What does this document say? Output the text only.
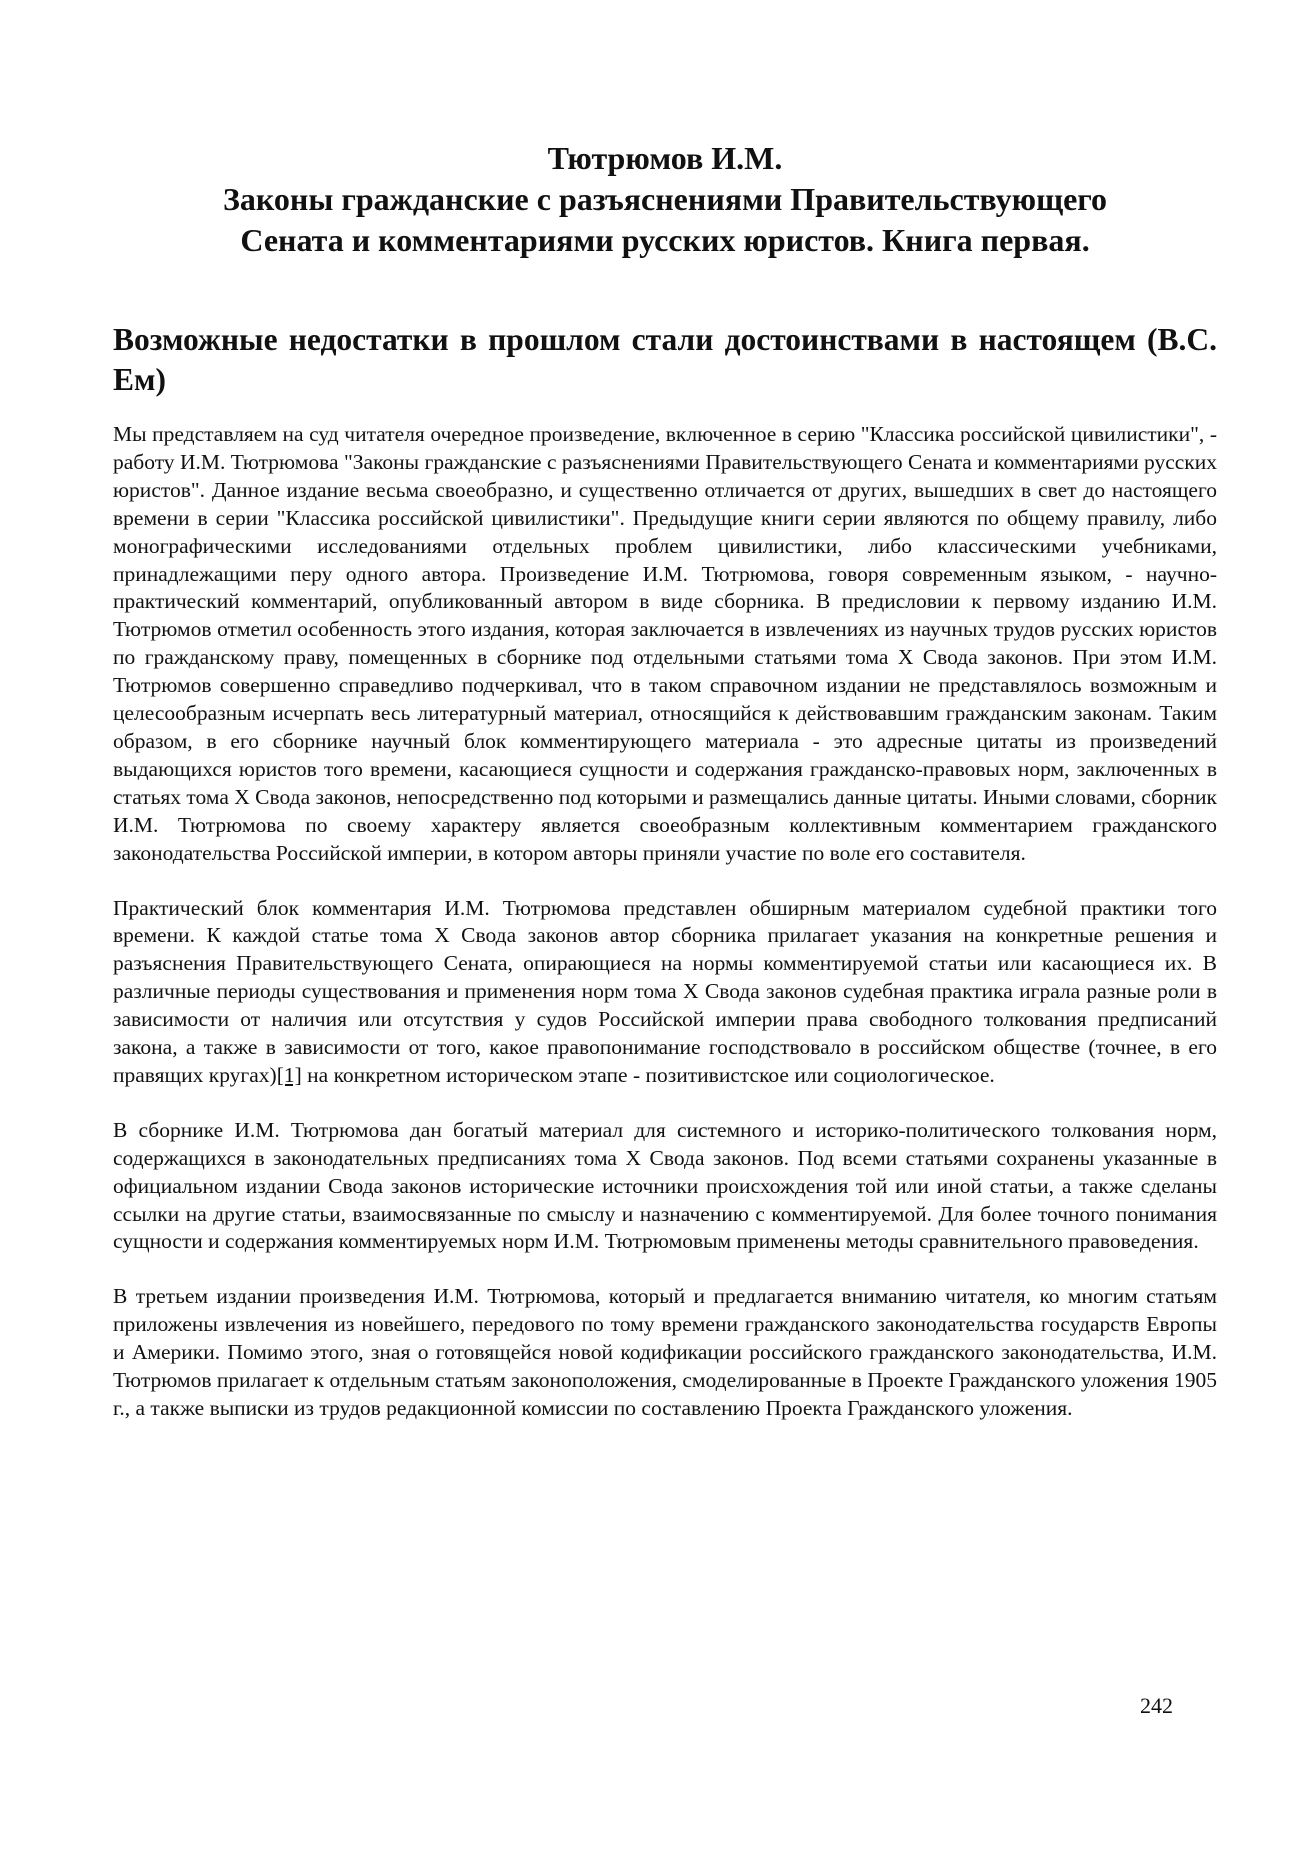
Тютрюмов И.М.
Законы гражданские с разъяснениями Правительствующего
Сената и комментариями русских юристов. Книга первая.
Возможные недостатки в прошлом стали достоинствами в настоящем (В.С. Ем)

Мы представляем на суд читателя очередное произведение, включенное в серию "Классика российской цивилистики", - работу И.М. Тютрюмова "Законы гражданские с разъяснениями Правительствующего Сената и комментариями русских юристов". Данное издание весьма своеобразно, и существенно отличается от других, вышедших в свет до настоящего времени в серии "Классика российской цивилистики". Предыдущие книги серии являются по общему правилу, либо монографическими исследованиями отдельных проблем цивилистики, либо классическими учебниками, принадлежащими перу одного автора. Произведение И.М. Тютрюмова, говоря современным языком, - научно-практический комментарий, опубликованный автором в виде сборника. В предисловии к первому изданию И.М. Тютрюмов отметил особенность этого издания, которая заключается в извлечениях из научных трудов русских юристов по гражданскому праву, помещенных в сборнике под отдельными статьями тома X Свода законов. При этом И.М. Тютрюмов совершенно справедливо подчеркивал, что в таком справочном издании не представлялось возможным и целесообразным исчерпать весь литературный материал, относящийся к действовавшим гражданским законам. Таким образом, в его сборнике научный блок комментирующего материала - это адресные цитаты из произведений выдающихся юристов того времени, касающиеся сущности и содержания гражданско-правовых норм, заключенных в статьях тома X Свода законов, непосредственно под которыми и размещались данные цитаты. Иными словами, сборник И.М. Тютрюмова по своему характеру является своеобразным коллективным комментарием гражданского законодательства Российской империи, в котором авторы приняли участие по воле его составителя.

Практический блок комментария И.М. Тютрюмова представлен обширным материалом судебной практики того времени. К каждой статье тома X Свода законов автор сборника прилагает указания на конкретные решения и разъяснения Правительствующего Сената, опирающиеся на нормы комментируемой статьи или касающиеся их. В различные периоды существования и применения норм тома X Свода законов судебная практика играла разные роли в зависимости от наличия или отсутствия у судов Российской империи права свободного толкования предписаний закона, а также в зависимости от того, какое правопонимание господствовало в российском обществе (точнее, в его правящих кругах)[1] на конкретном историческом этапе - позитивистское или социологическое.

В сборнике И.М. Тютрюмова дан богатый материал для системного и историко-политического толкования норм, содержащихся в законодательных предписаниях тома X Свода законов. Под всеми статьями сохранены указанные в официальном издании Свода законов исторические источники происхождения той или иной статьи, а также сделаны ссылки на другие статьи, взаимосвязанные по смыслу и назначению с комментируемой. Для более точного понимания сущности и содержания комментируемых норм И.М. Тютрюмовым применены методы сравнительного правоведения.

В третьем издании произведения И.М. Тютрюмова, который и предлагается вниманию читателя, ко многим статьям приложены извлечения из новейшего, передового по тому времени гражданского законодательства государств Европы и Америки. Помимо этого, зная о готовящейся новой кодификации российского гражданского законодательства, И.М. Тютрюмов прилагает к отдельным статьям законоположения, смоделированные в Проекте Гражданского уложения 1905 г., а также выписки из трудов редакционной комиссии по составлению Проекта Гражданского уложения.

242
